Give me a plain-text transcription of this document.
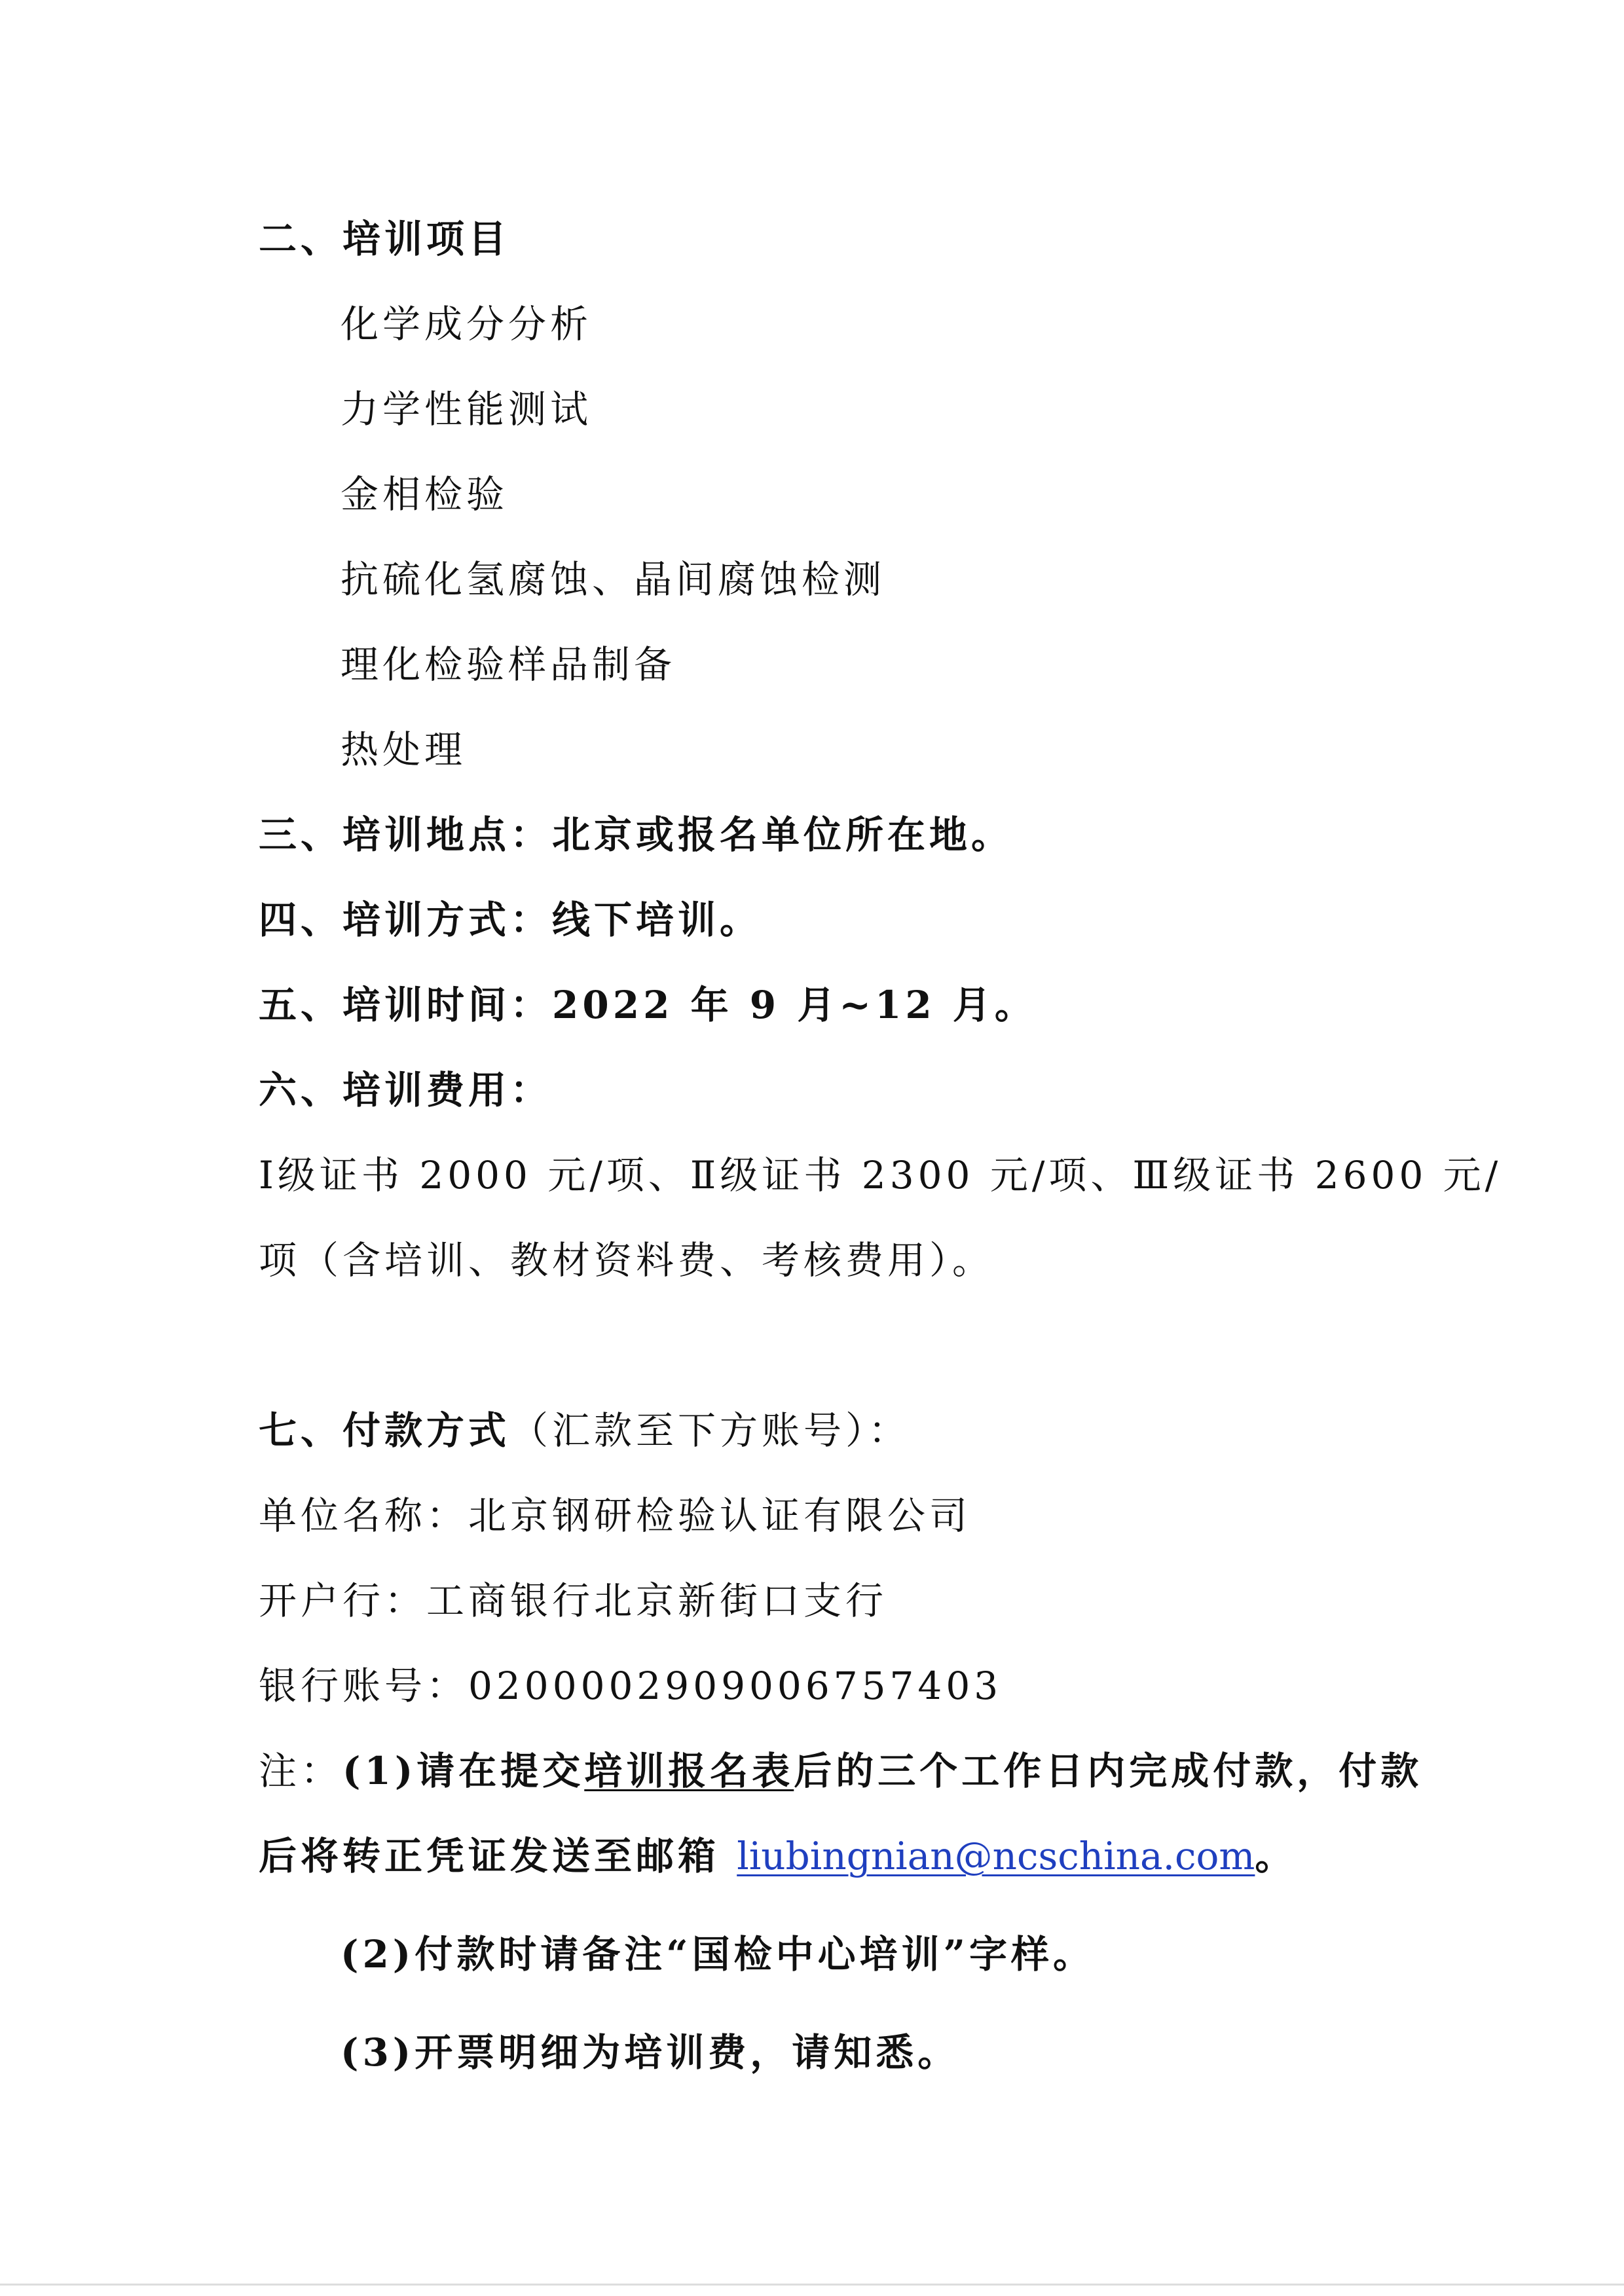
二、培训项目
化学成分分析
力学性能测试
金相检验
抗硫化氢腐蚀、晶间腐蚀检测
理化检验样品制备
热处理
三、培训地点：北京或报名单位所在地。
四、培训方式：线下培训。
五、培训时间：2022 年 9 月~12 月。
六、培训费用：
Ⅰ级证书 2000 元/项、Ⅱ级证书 2300 元/项、Ⅲ级证书 2600 元/
项（含培训、教材资料费、考核费用）。
七、付款方式（汇款至下方账号）：
单位名称：北京钢研检验认证有限公司
开户行：工商银行北京新街口支行
银行账号：0200002909006757403
注：(1)请在提交培训报名表后的三个工作日内完成付款，付款
后将转正凭证发送至邮箱 liubingnian@ncschina.com。
(2)付款时请备注“国检中心培训”字样。
(3)开票明细为培训费，请知悉。
